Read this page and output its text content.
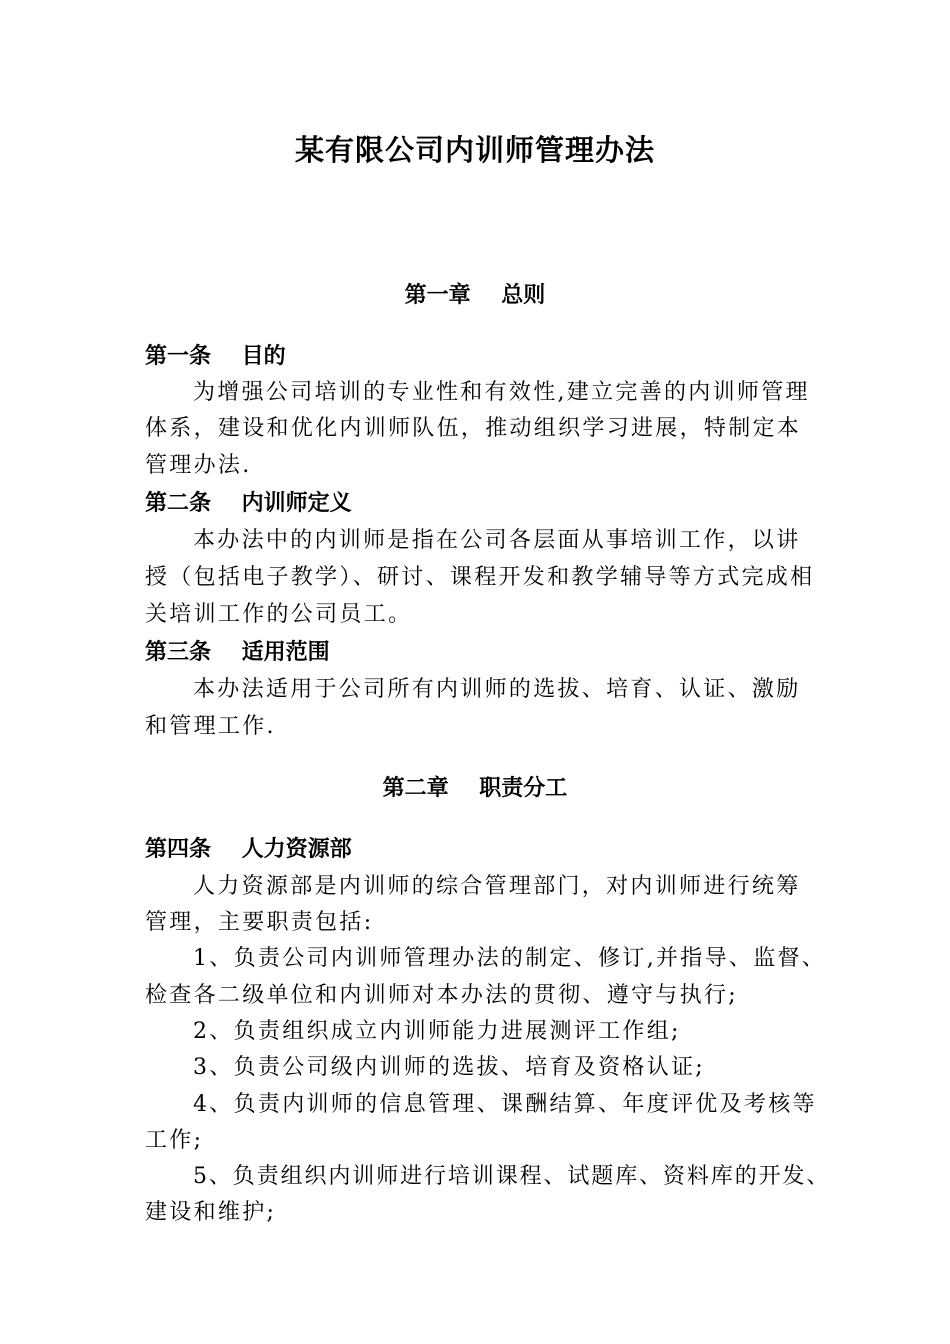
某有限公司内训师管理办法
第一章    总则
第一条    目的
为增强公司培训的专业性和有效性,建立完善的内训师管理
体系，建设和优化内训师队伍，推动组织学习进展，特制定本
管理办法.
第二条    内训师定义
本办法中的内训师是指在公司各层面从事培训工作，以讲
授（包括电子教学）、研讨、课程开发和教学辅导等方式完成相
关培训工作的公司员工。
第三条    适用范围
本办法适用于公司所有内训师的选拔、培育、认证、激励
和管理工作.
第二章    职责分工
第四条    人力资源部
人力资源部是内训师的综合管理部门，对内训师进行统筹
管理，主要职责包括:
1、负责公司内训师管理办法的制定、修订,并指导、监督、
检查各二级单位和内训师对本办法的贯彻、遵守与执行;
2、负责组织成立内训师能力进展测评工作组;
3、负责公司级内训师的选拔、培育及资格认证;
4、负责内训师的信息管理、课酬结算、年度评优及考核等
工作;
5、负责组织内训师进行培训课程、试题库、资料库的开发、
建设和维护;
